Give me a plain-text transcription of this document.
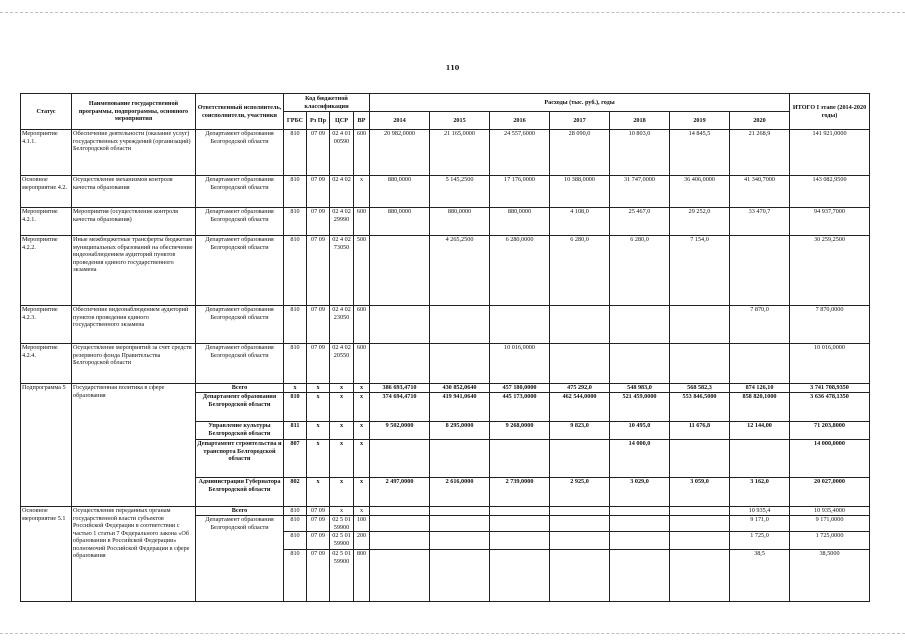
110
Статус	Наименование государственной программы, подпрограммы, основного мероприятия	Ответственный исполнитель, соисполнители, участники	Код бюджетной классификации				Расходы (тыс. руб.), годы							ИТОГО I этапе (2014-2020 годы)
			ГРБС	Рз Пр	ЦСР	ВР	2014	2015	2016	2017	2018	2019	2020	
Мероприятие 4.1.1.	Обеспечение деятельности (оказание услуг) государственных учреждений (организаций) Белгородской области	Департамент образования Белгородской области	810	07 09	02 4 01 00590	600	20 982,0000	21 165,0000	24 557,6000	28 090,0	10 803,0	14 845,5	21 268,9	141 921,0000
Основное мероприятие 4.2.	Осуществление механизмов контроля качества образования	Департамент образования Белгородской области	810	07 09	02 4 02	х	880,0000	5 145,2500	17 176,0000	10 388,0000	31 747,0000	36 406,0000	41 340,7000	143 082,9500
Мероприятие 4.2.1.	Мероприятия (осуществление контроля качества образования)	Департамент образования Белгородской области	810	07 09	02 4 02 29990	600	880,0000	880,0000	880,0000	4 108,0	25 467,0	29 252,0	33 470,7	94 937,7000
Мероприятие 4.2.2.	Иные межбюджетные трансферты бюджетам муниципальных образований на обеспечение видеонаблюдением аудиторий пунктов проведения единого государственного экзамена	Департамент образования Белгородской области	810	07 09	02 4 02 73050	500		4 265,2500	6 280,0000	6 280,0	6 280,0	7 154,0		30 259,2500
Мероприятие 4.2.3.	Обеспечение видеонаблюдением аудиторий пунктов проведения единого государственного экзамена	Департамент образования Белгородской области	810	07 09	02 4 02 23050	600							7 870,0	7 870,0000
Мероприятие 4.2.4.	Осуществление мероприятий за счет средств резервного фонда Правительства Белгородской области	Департамент образования Белгородской области	810	07 09	02 4 02 20550	600			10 016,0000					10 016,0000
Подпрограмма 5	Государственная политика в сфере образования	Всего	х	х	х	х	386 693,4710	430 852,0640	457 180,0000	475 292,0	548 983,0	568 582,3	874 126,10	3 741 708,9350
		Департамент образования Белгородской области	810	х	х	х	374 694,4710	419 941,0640	445 173,0000	462 544,0000	521 459,0000	553 846,5000	858 820,1000	3 636 478,1350
		Управление культуры Белгородской области	811	х	х	х	9 502,0000	8 295,0000	9 268,0000	9 823,0	10 495,0	11 676,8	12 144,00	71 203,8000
		Департамент строительства и транспорта Белгородской области	807	х	х	х					14 000,0			14 000,0000
		Администрация Губернатора Белгородской области	802	х	х	х	2 497,0000	2 616,0000	2 739,0000	2 925,0	3 029,0	3 059,0	3 162,0	20 027,0000
Основное мероприятие 5.1	Осуществление переданных органам государственной власти субъектов Российской Федерации в соответствии с частью 1 статьи 7 Федерального закона «Об образовании в Российской Федерации» полномочий Российской Федерации в сфере образования	Всего	810	07 09	х	х							10 935,4	10 935,4000
		Департамент образования Белгородской области	810	07 09	02 5 01 59900	100							9 171,0	9 171,0000
			810	07 09	02 5 01 59900	200							1 725,0	1 725,0000
			810	07 09	02 5 01 59900	800							38,5	38,5000
